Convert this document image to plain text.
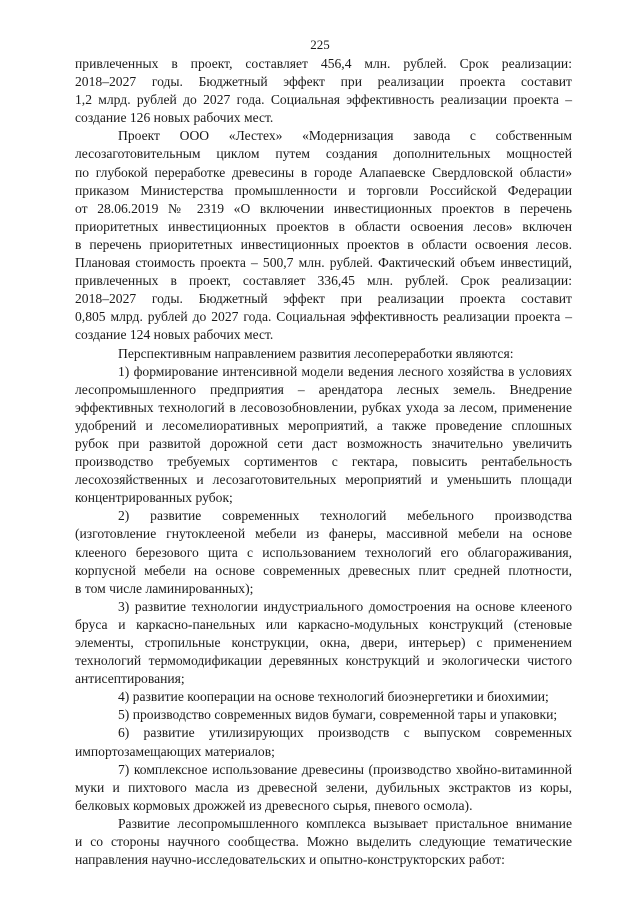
225
привлеченных в проект, составляет 456,4 млн. рублей. Срок реализации:
2018–2027 годы. Бюджетный эффект при реализации проекта составит
1,2 млрд. рублей до 2027 года. Социальная эффективность реализации проекта –
создание 126 новых рабочих мест.
Проект ООО «Лестех» «Модернизация завода с собственным
лесозаготовительным циклом путем создания дополнительных мощностей
по глубокой переработке древесины в городе Алапаевске Свердловской области»
приказом Министерства промышленности и торговли Российской Федерации
от 28.06.2019 № 2319 «О включении инвестиционных проектов в перечень
приоритетных инвестиционных проектов в области освоения лесов» включен
в перечень приоритетных инвестиционных проектов в области освоения лесов.
Плановая стоимость проекта – 500,7 млн. рублей. Фактический объем инвестиций,
привлеченных в проект, составляет 336,45 млн. рублей. Срок реализации:
2018–2027 годы. Бюджетный эффект при реализации проекта составит
0,805 млрд. рублей до 2027 года. Социальная эффективность реализации проекта –
создание 124 новых рабочих мест.
Перспективным направлением развития лесопереработки являются:
1) формирование интенсивной модели ведения лесного хозяйства в условиях
лесопромышленного предприятия – арендатора лесных земель. Внедрение
эффективных технологий в лесовозобновлении, рубках ухода за лесом, применение
удобрений и лесомелиоративных мероприятий, а также проведение сплошных
рубок при развитой дорожной сети даст возможность значительно увеличить
производство требуемых сортиментов с гектара, повысить рентабельность
лесохозяйственных и лесозаготовительных мероприятий и уменьшить площади
концентрированных рубок;
2) развитие современных технологий мебельного производства
(изготовление гнутоклееной мебели из фанеры, массивной мебели на основе
клееного березового щита с использованием технологий его облагораживания,
корпусной мебели на основе современных древесных плит средней плотности,
в том числе ламинированных);
3) развитие технологии индустриального домостроения на основе клееного
бруса и каркасно-панельных или каркасно-модульных конструкций (стеновые
элементы, стропильные конструкции, окна, двери, интерьер) с применением
технологий термомодификации деревянных конструкций и экологически чистого
антисептирования;
4) развитие кооперации на основе технологий биоэнергетики и биохимии;
5) производство современных видов бумаги, современной тары и упаковки;
6) развитие утилизирующих производств с выпуском современных
импортозамещающих материалов;
7) комплексное использование древесины (производство хвойно-витаминной
муки и пихтового масла из древесной зелени, дубильных экстрактов из коры,
белковых кормовых дрожжей из древесного сырья, пневого осмола).
Развитие лесопромышленного комплекса вызывает пристальное внимание
и со стороны научного сообщества. Можно выделить следующие тематические
направления научно-исследовательских и опытно-конструкторских работ:
